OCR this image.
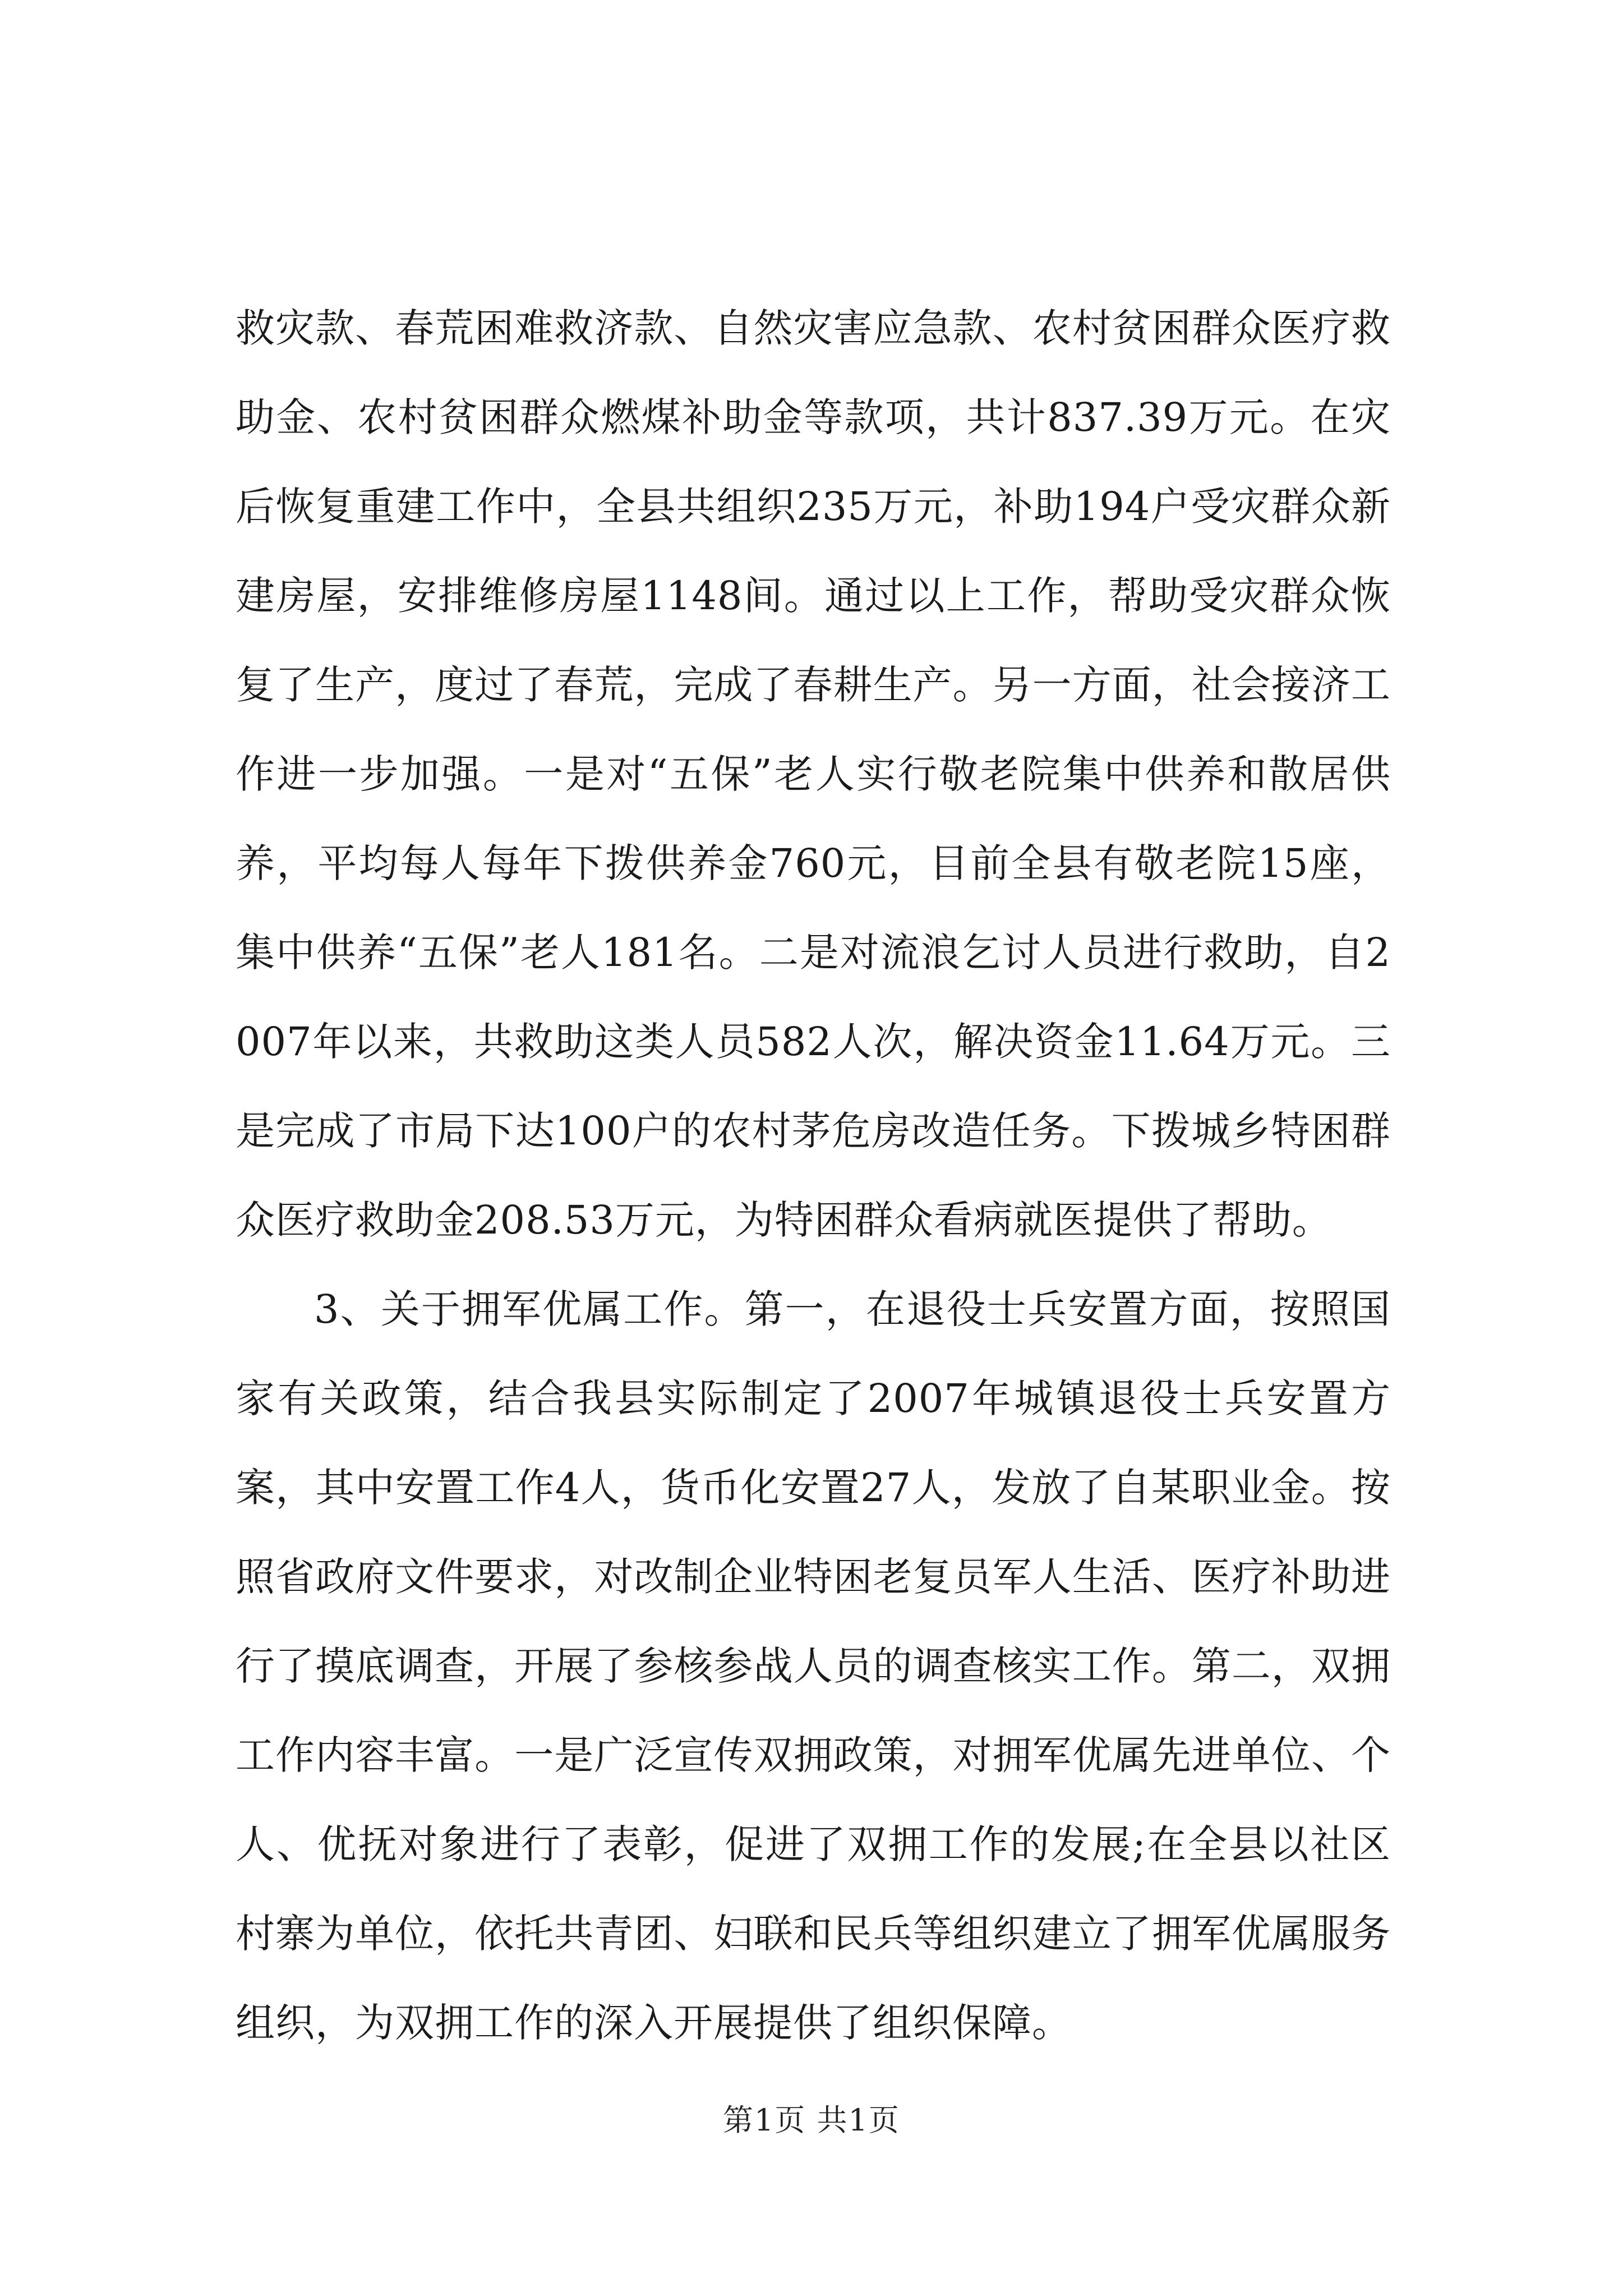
救灾款、春荒困难救济款、自然灾害应急款、农村贫困群众医疗救助金、农村贫困群众燃煤补助金等款项，共计837.39万元。在灾后恢复重建工作中，全县共组织235万元，补助194户受灾群众新建房屋，安排维修房屋1148间。通过以上工作，帮助受灾群众恢复了生产，度过了春荒，完成了春耕生产。另一方面，社会接济工作进一步加强。一是对“五保”老人实行敬老院集中供养和散居供养，平均每人每年下拨供养金760元，目前全县有敬老院15座，集中供养“五保”老人181名。二是对流浪乞讨人员进行救助，自2007年以来，共救助这类人员582人次，解决资金11.64万元。三是完成了市局下达100户的农村茅危房改造任务。下拨城乡特困群众医疗救助金208.53万元，为特困群众看病就医提供了帮助。

3、关于拥军优属工作。第一，在退役士兵安置方面，按照国家有关政策，结合我县实际制定了2007年城镇退役士兵安置方案，其中安置工作4人，货币化安置27人，发放了自某职业金。按照省政府文件要求，对改制企业特困老复员军人生活、医疗补助进行了摸底调查，开展了参核参战人员的调查核实工作。第二，双拥工作内容丰富。一是广泛宣传双拥政策，对拥军优属先进单位、个人、优抚对象进行了表彰，促进了双拥工作的发展;在全县以社区村寨为单位，依托共青团、妇联和民兵等组织建立了拥军优属服务组织，为双拥工作的深入开展提供了组织保障。

第1页 共1页
